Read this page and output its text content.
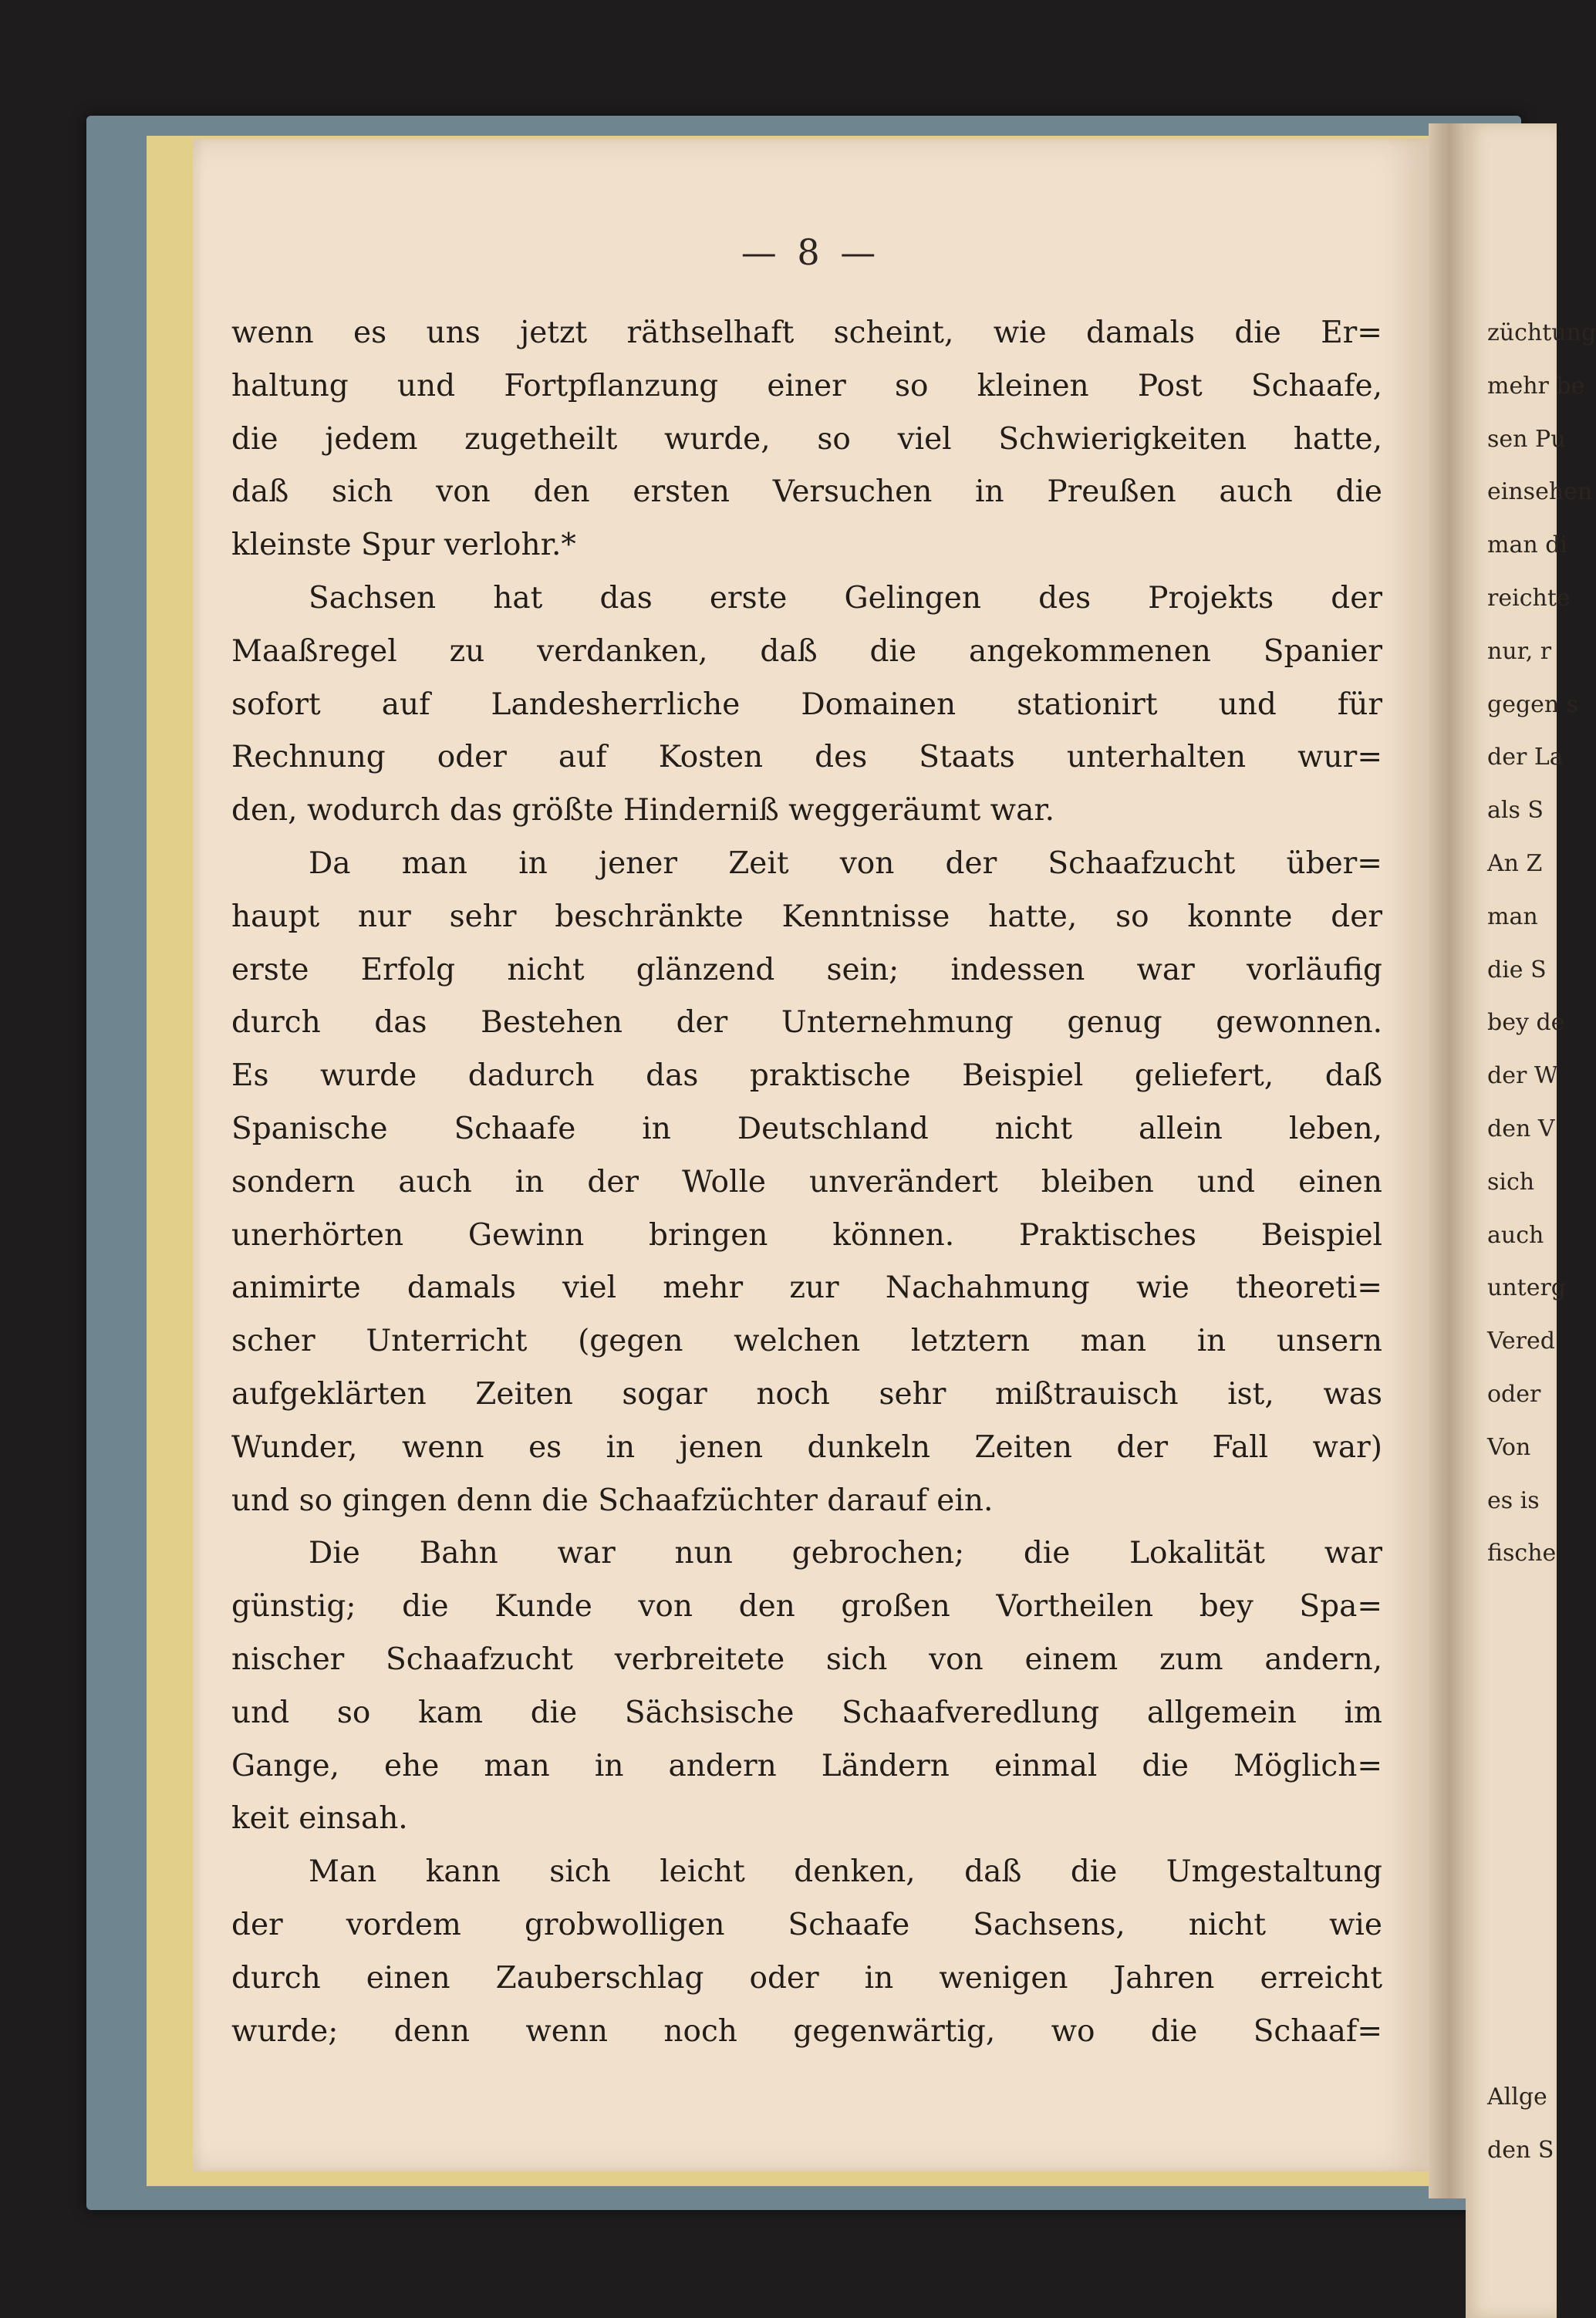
— 8 —
wenn es uns jetzt räthselhaft scheint, wie damals die Er=
haltung und Fortpflanzung einer so kleinen Post Schaafe,
die jedem zugetheilt wurde, so viel Schwierigkeiten hatte,
daß sich von den ersten Versuchen in Preußen auch die
kleinste Spur verlohr.*
Sachsen hat das erste Gelingen des Projekts der
Maaßregel zu verdanken, daß die angekommenen Spanier
sofort auf Landesherrliche Domainen stationirt und für
Rechnung oder auf Kosten des Staats unterhalten wur=
den, wodurch das größte Hinderniß weggeräumt war.
Da man in jener Zeit von der Schaafzucht über=
haupt nur sehr beschränkte Kenntnisse hatte, so konnte der
erste Erfolg nicht glänzend sein; indessen war vorläufig
durch das Bestehen der Unternehmung genug gewonnen.
Es wurde dadurch das praktische Beispiel geliefert, daß
Spanische Schaafe in Deutschland nicht allein leben,
sondern auch in der Wolle unverändert bleiben und einen
unerhörten Gewinn bringen können. Praktisches Beispiel
animirte damals viel mehr zur Nachahmung wie theoreti=
scher Unterricht (gegen welchen letztern man in unsern
aufgeklärten Zeiten sogar noch sehr mißtrauisch ist, was
Wunder, wenn es in jenen dunkeln Zeiten der Fall war)
und so gingen denn die Schaafzüchter darauf ein.
Die Bahn war nun gebrochen; die Lokalität war
günstig; die Kunde von den großen Vortheilen bey Spa=
nischer Schaafzucht verbreitete sich von einem zum andern,
und so kam die Sächsische Schaafveredlung allgemein im
Gange, ehe man in andern Ländern einmal die Möglich=
keit einsah.
Man kann sich leicht denken, daß die Umgestaltung
der vordem grobwolligen Schaafe Sachsens, nicht wie
durch einen Zauberschlag oder in wenigen Jahren erreicht
wurde; denn wenn noch gegenwärtig, wo die Schaaf=
züchtung
mehr be
sen Pu
einsehen
man di
reichte
nur, r
gegen s
der La
als S
An Z
man
die S
bey de
der W
den V
sich
auch
unterg
Vered
oder
Von
es is
fische
Allge
den S
